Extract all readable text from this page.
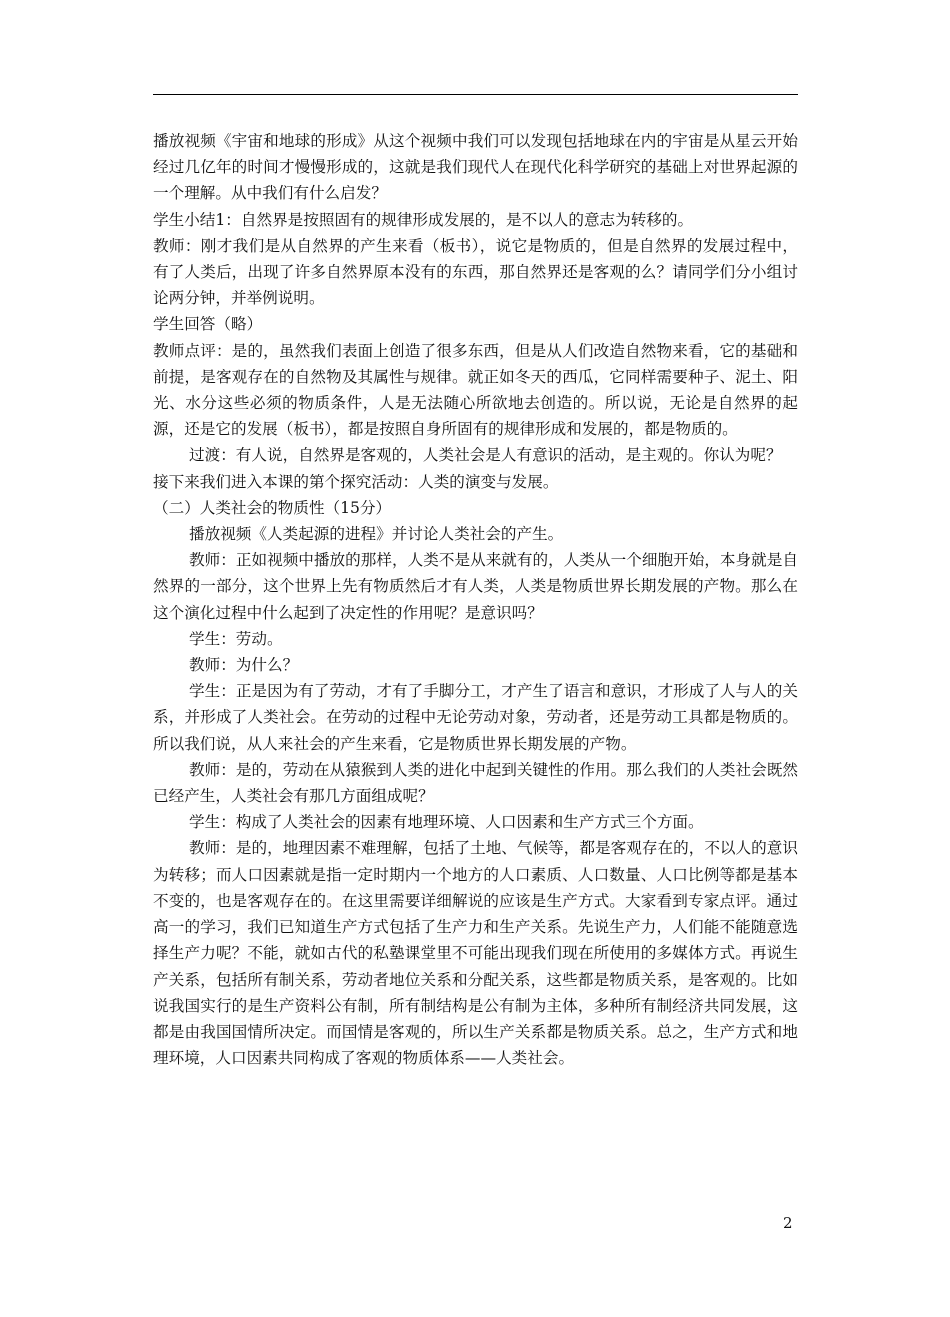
播放视频《宇宙和地球的形成》从这个视频中我们可以发现包括地球在内的宇宙是从星云开始经过几亿年的时间才慢慢形成的，这就是我们现代人在现代化科学研究的基础上对世界起源的一个理解。从中我们有什么启发？

学生小结1：自然界是按照固有的规律形成发展的，是不以人的意志为转移的。

教师：刚才我们是从自然界的产生来看（板书），说它是物质的，但是自然界的发展过程中，有了人类后，出现了许多自然界原本没有的东西，那自然界还是客观的么？请同学们分小组讨论两分钟，并举例说明。

学生回答（略）

教师点评：是的，虽然我们表面上创造了很多东西，但是从人们改造自然物来看，它的基础和前提，是客观存在的自然物及其属性与规律。就正如冬天的西瓜，它同样需要种子、泥土、阳光、水分这些必须的物质条件，人是无法随心所欲地去创造的。所以说，无论是自然界的起源，还是它的发展（板书），都是按照自身所固有的规律形成和发展的，都是物质的。

过渡：有人说，自然界是客观的，人类社会是人有意识的活动，是主观的。你认为呢？

接下来我们进入本课的第个探究活动：人类的演变与发展。

（二）人类社会的物质性（15分）

播放视频《人类起源的进程》并讨论人类社会的产生。

教师：正如视频中播放的那样，人类不是从来就有的，人类从一个细胞开始，本身就是自然界的一部分，这个世界上先有物质然后才有人类，人类是物质世界长期发展的产物。那么在这个演化过程中什么起到了决定性的作用呢？是意识吗？

学生：劳动。

教师：为什么？

学生：正是因为有了劳动，才有了手脚分工，才产生了语言和意识，才形成了人与人的关系，并形成了人类社会。在劳动的过程中无论劳动对象，劳动者，还是劳动工具都是物质的。所以我们说，从人来社会的产生来看，它是物质世界长期发展的产物。

教师：是的，劳动在从猿猴到人类的进化中起到关键性的作用。那么我们的人类社会既然已经产生，人类社会有那几方面组成呢？

学生：构成了人类社会的因素有地理环境、人口因素和生产方式三个方面。

教师：是的，地理因素不难理解，包括了土地、气候等，都是客观存在的，不以人的意识为转移；而人口因素就是指一定时期内一个地方的人口素质、人口数量、人口比例等都是基本不变的，也是客观存在的。在这里需要详细解说的应该是生产方式。大家看到专家点评。通过高一的学习，我们已知道生产方式包括了生产力和生产关系。先说生产力，人们能不能随意选择生产力呢？不能，就如古代的私塾课堂里不可能出现我们现在所使用的多媒体方式。再说生产关系，包括所有制关系，劳动者地位关系和分配关系，这些都是物质关系，是客观的。比如说我国实行的是生产资料公有制，所有制结构是公有制为主体，多种所有制经济共同发展，这都是由我国国情所决定。而国情是客观的，所以生产关系都是物质关系。总之，生产方式和地理环境，人口因素共同构成了客观的物质体系——人类社会。

2
